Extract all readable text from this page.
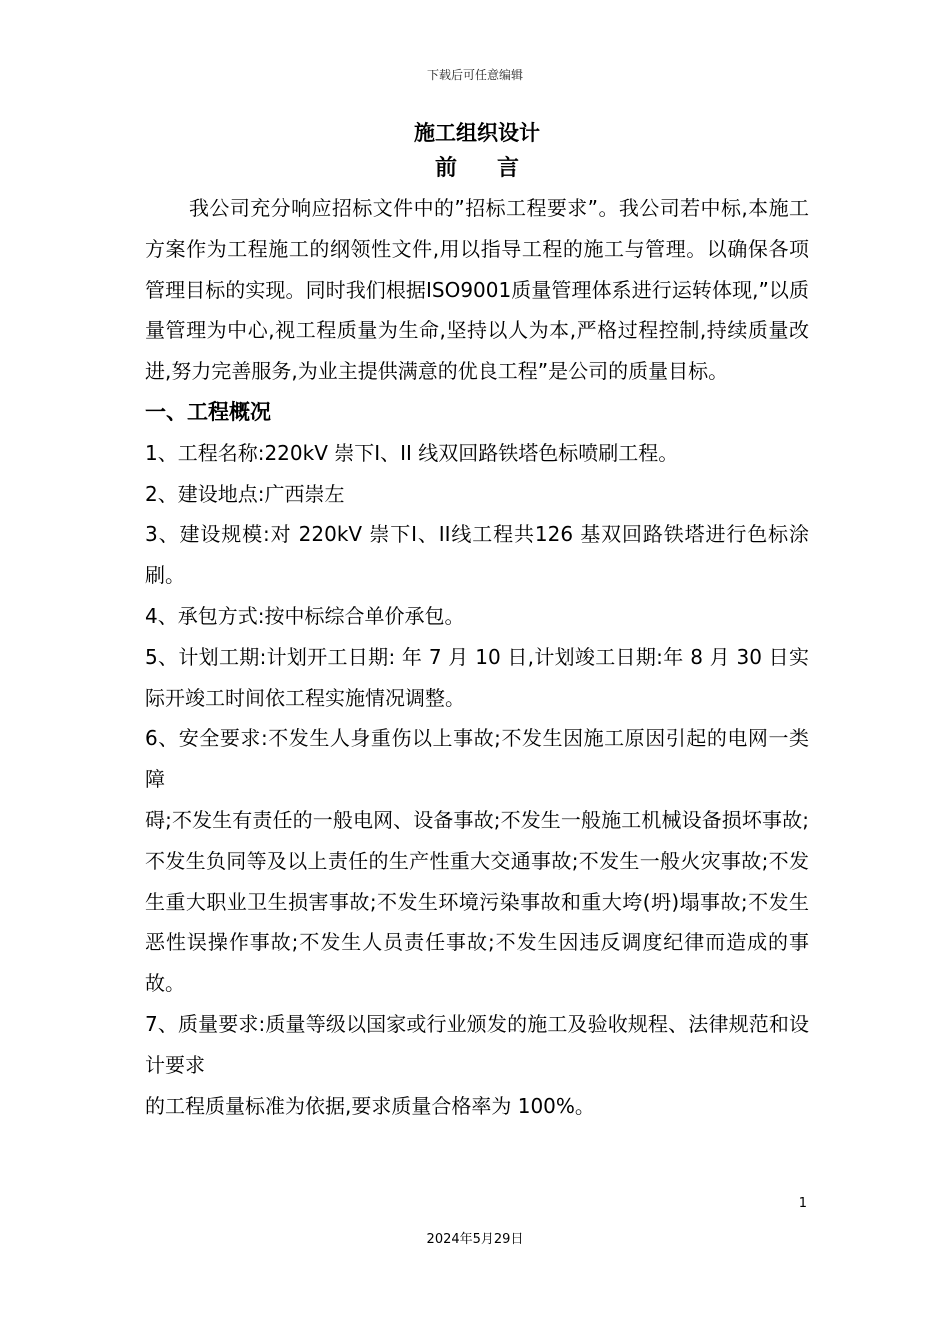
下载后可任意编辑

施工组织设计

前言

我公司充分响应招标文件中的”招标工程要求”。我公司若中标,本施工方案作为工程施工的纲领性文件,用以指导工程的施工与管理。以确保各项管理目标的实现。同时我们根据ISO9001质量管理体系进行运转体现,”以质量管理为中心,视工程质量为生命,坚持以人为本,严格过程控制,持续质量改进,努力完善服务,为业主提供满意的优良工程”是公司的质量目标。

一、工程概况

1、工程名称:220kV 崇下I、II 线双回路铁塔色标喷刷工程。

2、建设地点:广西崇左

3、建设规模:对 220kV 崇下I、II线工程共126 基双回路铁塔进行色标涂刷。

4、承包方式:按中标综合单价承包。

5、计划工期:计划开工日期: 年 7 月 10 日,计划竣工日期:年 8 月 30 日实际开竣工时间依工程实施情况调整。

6、安全要求:不发生人身重伤以上事故;不发生因施工原因引起的电网一类障

碍;不发生有责任的一般电网、设备事故;不发生一般施工机械设备损坏事故;不发生负同等及以上责任的生产性重大交通事故;不发生一般火灾事故;不发生重大职业卫生损害事故;不发生环境污染事故和重大垮(坍)塌事故;不发生恶性误操作事故;不发生人员责任事故;不发生因违反调度纪律而造成的事故。

7、质量要求:质量等级以国家或行业颁发的施工及验收规程、法律规范和设计要求

的工程质量标准为依据,要求质量合格率为 100%。

1
2024年5月29日
